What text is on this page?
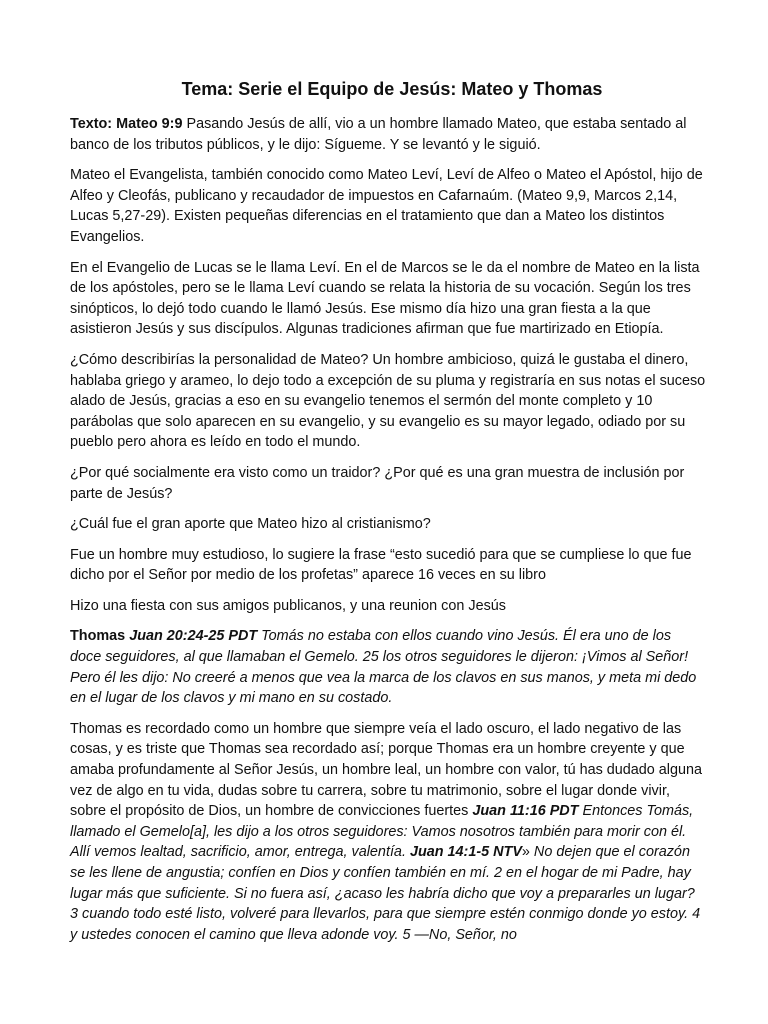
Tema: Serie el Equipo de Jesús: Mateo y Thomas

Texto: Mateo 9:9 Pasando Jesús de allí, vio a un hombre llamado Mateo, que estaba sentado al banco de los tributos públicos, y le dijo: Sígueme. Y se levantó y le siguió.

Mateo el Evangelista, también conocido como Mateo Leví, Leví de Alfeo o Mateo el Apóstol, hijo de Alfeo y Cleofás, publicano y recaudador de impuestos en Cafarnaúm. (Mateo 9,9, Marcos 2,14, Lucas 5,27-29). Existen pequeñas diferencias en el tratamiento que dan a Mateo los distintos Evangelios.

En el Evangelio de Lucas se le llama Leví. En el de Marcos se le da el nombre de Mateo en la lista de los apóstoles, pero se le llama Leví cuando se relata la historia de su vocación. Según los tres sinópticos, lo dejó todo cuando le llamó Jesús. Ese mismo día hizo una gran fiesta a la que asistieron Jesús y sus discípulos. Algunas tradiciones afirman que fue martirizado en Etiopía.

¿Cómo describirías la personalidad de Mateo? Un hombre ambicioso, quizá le gustaba el dinero, hablaba griego y arameo, lo dejo todo a excepción de su pluma y registraría en sus notas el suceso alado de Jesús, gracias a eso en su evangelio tenemos el sermón del monte completo y 10 parábolas que solo aparecen en su evangelio, y su evangelio es su mayor legado, odiado por su pueblo pero ahora es leído en todo el mundo.

¿Por qué socialmente era visto como un traidor? ¿Por qué es una gran muestra de inclusión por parte de Jesús?

¿Cuál fue el gran aporte que Mateo hizo al cristianismo?

Fue un hombre muy estudioso, lo sugiere la frase “esto sucedió para que se cumpliese lo que fue dicho por el Señor por medio de los profetas” aparece 16 veces en su libro

Hizo una fiesta con sus amigos publicanos, y una reunion con Jesús

Thomas Juan 20:24-25 PDT Tomás no estaba con ellos cuando vino Jesús. Él era uno de los doce seguidores, al que llamaban el Gemelo. 25 los otros seguidores le dijeron: ¡Vimos al Señor! Pero él les dijo: No creeré a menos que vea la marca de los clavos en sus manos, y meta mi dedo en el lugar de los clavos y mi mano en su costado.

Thomas es recordado como un hombre que siempre veía el lado oscuro, el lado negativo de las cosas, y es triste que Thomas sea recordado así; porque Thomas era un hombre creyente y que amaba profundamente al Señor Jesús, un hombre leal, un hombre con valor, tú has dudado alguna vez de algo en tu vida, dudas sobre tu carrera, sobre tu matrimonio, sobre el lugar donde vivir, sobre el propósito de Dios, un hombre de convicciones fuertes Juan 11:16 PDT Entonces Tomás, llamado el Gemelo[a], les dijo a los otros seguidores: Vamos nosotros también para morir con él. Allí vemos lealtad, sacrificio, amor, entrega, valentía. Juan 14:1-5 NTV» No dejen que el corazón se les llene de angustia; confíen en Dios y confíen también en mí. 2 en el hogar de mi Padre, hay lugar más que suficiente. Si no fuera así, ¿acaso les habría dicho que voy a prepararles un lugar? 3 cuando todo esté listo, volveré para llevarlos, para que siempre estén conmigo donde yo estoy. 4 y ustedes conocen el camino que lleva adonde voy. 5 —No, Señor, no
